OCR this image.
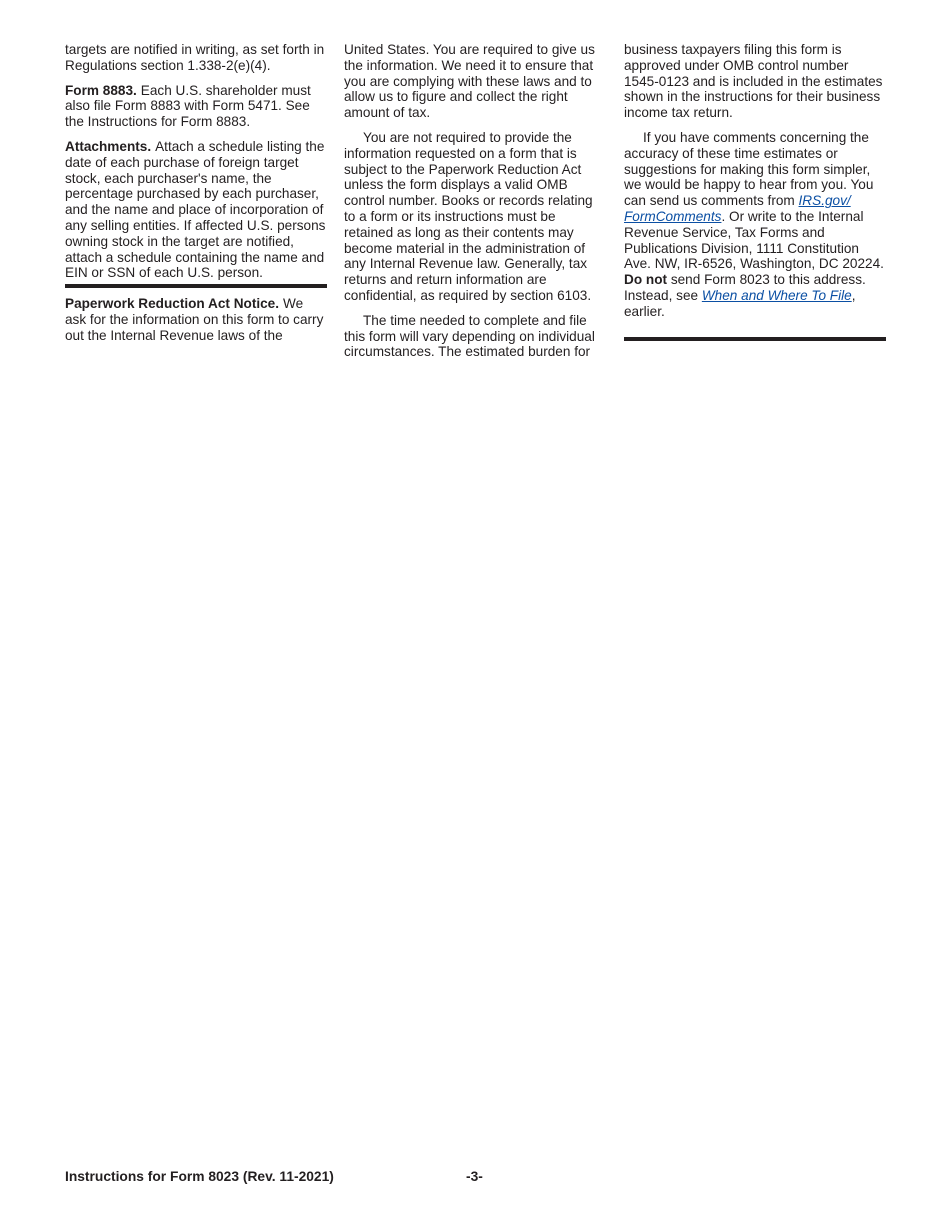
targets are notified in writing, as set forth in Regulations section 1.338-2(e)(4).

Form 8883. Each U.S. shareholder must also file Form 8883 with Form 5471. See the Instructions for Form 8883.

Attachments. Attach a schedule listing the date of each purchase of foreign target stock, each purchaser's name, the percentage purchased by each purchaser, and the name and place of incorporation of any selling entities. If affected U.S. persons owning stock in the target are notified, attach a schedule containing the name and EIN or SSN of each U.S. person.

Paperwork Reduction Act Notice. We ask for the information on this form to carry out the Internal Revenue laws of the

United States. You are required to give us the information. We need it to ensure that you are complying with these laws and to allow us to figure and collect the right amount of tax.

You are not required to provide the information requested on a form that is subject to the Paperwork Reduction Act unless the form displays a valid OMB control number. Books or records relating to a form or its instructions must be retained as long as their contents may become material in the administration of any Internal Revenue law. Generally, tax returns and return information are confidential, as required by section 6103.

The time needed to complete and file this form will vary depending on individual circumstances. The estimated burden for

business taxpayers filing this form is approved under OMB control number 1545-0123 and is included in the estimates shown in the instructions for their business income tax return.

If you have comments concerning the accuracy of these time estimates or suggestions for making this form simpler, we would be happy to hear from you. You can send us comments from IRS.gov/ FormComments. Or write to the Internal Revenue Service, Tax Forms and Publications Division, 1111 Constitution Ave. NW, IR-6526, Washington, DC 20224. Do not send Form 8023 to this address. Instead, see When and Where To File, earlier.

Instructions for Form 8023 (Rev. 11-2021)	-3-
